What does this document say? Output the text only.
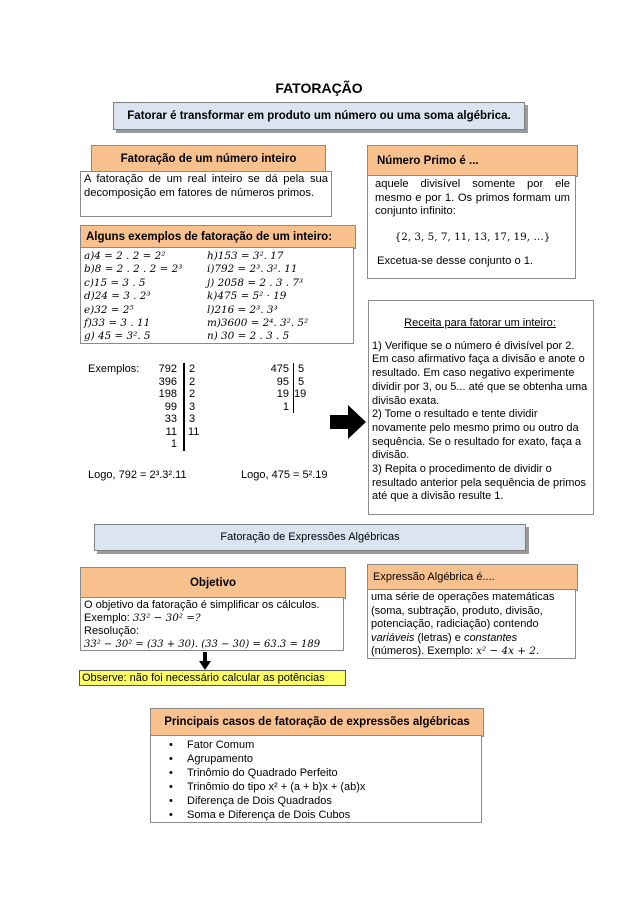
FATORAÇÃO
Fatorar é transformar em produto um número ou uma soma algébrica.
Fatoração de um número inteiro
A fatoração de um real inteiro se dá pela sua decomposição em fatores de números primos.
Número Primo é ...
aquele divisível somente por ele mesmo e por 1. Os primos formam um conjunto infinito:
{2, 3, 5, 7, 11, 13, 17, 19, …}
Excetua-se desse conjunto o 1.
Alguns exemplos de fatoração de um inteiro:
a)4 = 2 . 2 = 2²
b)8 = 2 . 2 . 2 = 2³
c)15 = 3 . 5
d)24 = 3 . 2³
e)32 = 2⁵
f)33 = 3 . 11
g) 45 = 3². 5
h)153 = 3². 17
i)792 = 2³. 3². 11
j) 2058 = 2 . 3 . 7³
k)475 = 5² · 19
l)216 = 2³. 3³
m)3600 = 2⁴. 3². 5²
n) 30 = 2 . 3 . 5
Exemplos:	792
396
198
99
33
11
1
2
2
2
3
3
11
475
95
19
1
5
5
19
Logo, 792 = 2³.3².11	Logo, 475 = 5².19
Receita para fatorar um inteiro:
1) Verifique se o número é divisível por 2. Em caso afirmativo faça a divisão e anote o resultado. Em caso negativo experimente dividir por 3, ou 5... até que se obtenha uma divisão exata.
2) Tome o resultado e tente dividir novamente pelo mesmo primo ou outro da sequência. Se o resultado for exato, faça a divisão.
3) Repita o procedimento de dividir o resultado anterior pela sequência de primos até que a divisão resulte 1.
Fatoração de Expressões Algébricas
Objetivo
O objetivo da fatoração é simplificar os cálculos.
Exemplo: 33² − 30² =?
Resolução:
33² − 30² = (33 + 30). (33 − 30) = 63.3 = 189
Observe: não foi necessário calcular as potências
Expressão Algébrica é....
uma série de operações matemáticas (soma, subtração, produto, divisão, potenciação, radiciação) contendo variáveis (letras) e constantes (números). Exemplo: x² − 4x + 2.
Principais casos de fatoração de expressões algébricas
• Fator Comum
• Agrupamento
• Trinômio do Quadrado Perfeito
• Trinômio do tipo x² + (a + b)x + (ab)x
• Diferença de Dois Quadrados
• Soma e Diferença de Dois Cubos
